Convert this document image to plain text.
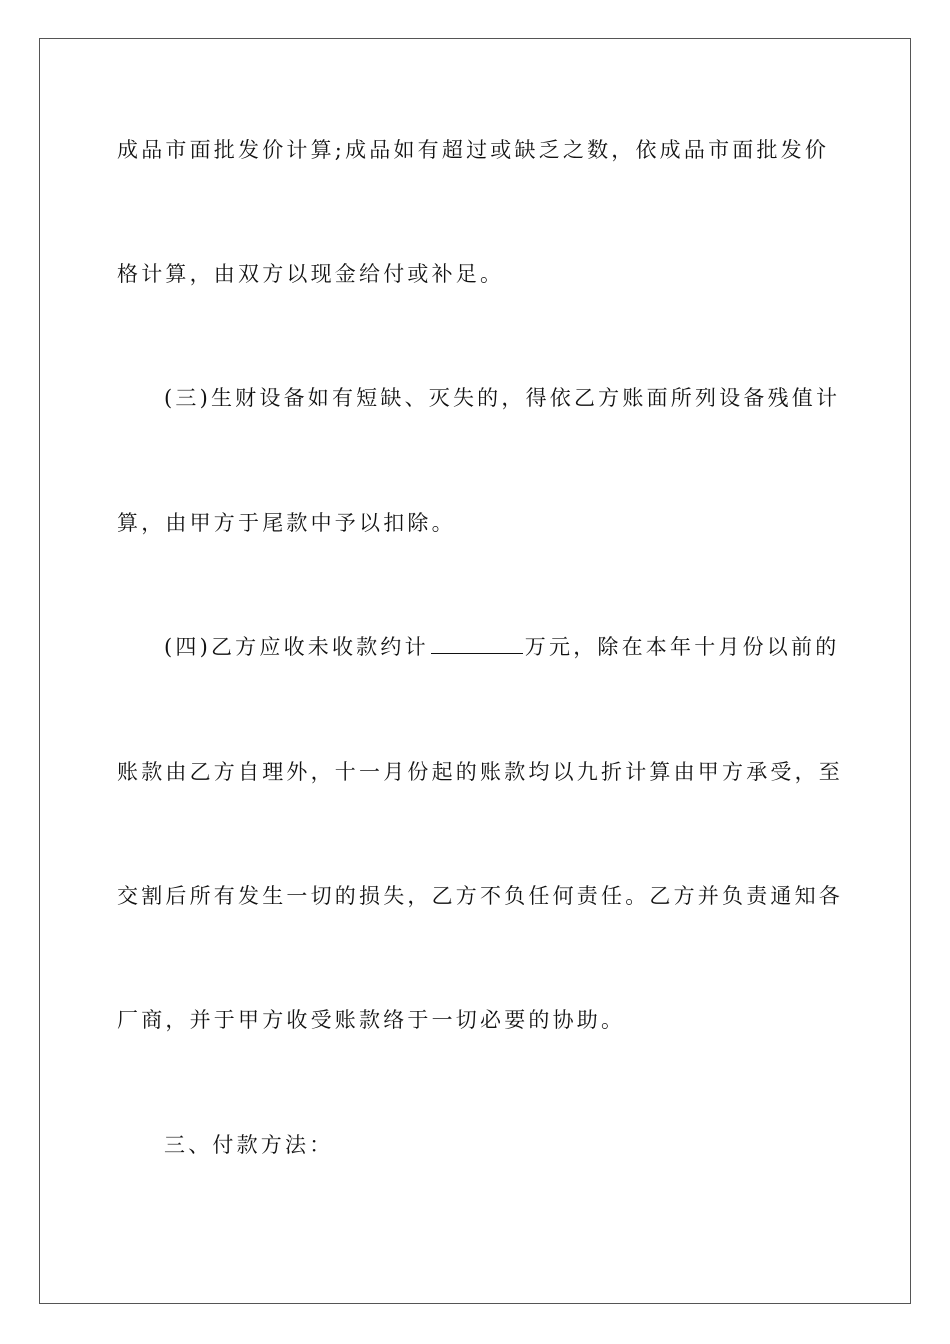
成品市面批发价计算;成品如有超过或缺乏之数，依成品市面批发价
格计算，由双方以现金给付或补足。
(三)生财设备如有短缺、灭失的，得依乙方账面所列设备残值计
算，由甲方于尾款中予以扣除。
(四)乙方应收未收款约计	万元，除在本年十月份以前的
账款由乙方自理外，十一月份起的账款均以九折计算由甲方承受，至
交割后所有发生一切的损失，乙方不负任何责任。乙方并负责通知各
厂商，并于甲方收受账款络于一切必要的协助。
三、付款方法：
